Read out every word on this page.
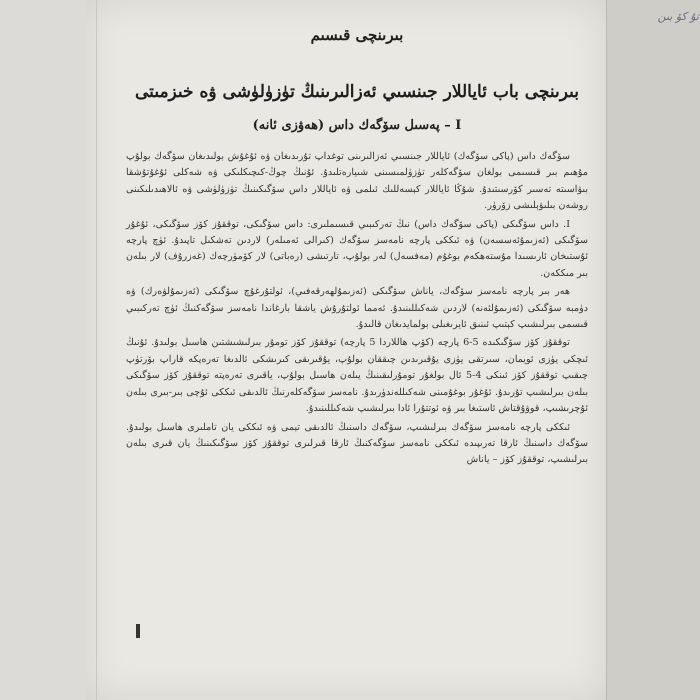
تۇ كۆ بىن
بىرىنچى قىسىم
بىرىنچى باب ئاياللار جىنسىي ئەزالىرىنىڭ تۈزۈلۈشى ۋە خىزمىتى
I – پەسىل سۆگەك داس (ھەۋزى ئانە)

سۆگەك داس (پاكى سۆگەك) ئاياللار جىنسىي ئەزالىرىنى توغداپ تۇرىدىغان ۋە ئۇغۇش بولىدىغان سۆگەك بولۇپ مۇھىم بىر قىسىمى بولغان سۆگەكلەر تۈزۈلمىسىنى شىيارەتلىدۇ. ئۇنىڭ چوڭ-كىچىكلىكى ۋە شەكلى ئۇغۇتۇشقا بىۋاسىتە تەسىر كۆرسىتىدۇ. شۇڭا ئاياللار كېسەللىك ئىلمى ۋە ئاياللار داس سۆگىكىنىڭ تۈزۈلۈشى ۋە ئالاھىدىلىكىنى روشەن بىلىۋېلىشى زۆرۈر.

I. داس سۆگىكى (پاكى سۆگەك داس) نىڭ تەركىبىي قىسىملىرى: داس سۆگىكى، توققۇز كۆز سۆگىكى، ئۇغۇر سۆگىكى (ئەزىمۇئەسسەن) ۋە ئىككى پارچە نامەسز سۆگەك (كىرالى ئەمىلەر) لاردىن تەشكىل تاپىدۇ. ئۈچ پارچە ئۇستىخان ئارىسىدا مۇستەھكەم بوغۇم (مەفسەل) لەر بولۇپ، تارتىشى (رەباتى) لار كۆمۈرچەك (غەزرۇف) لار بىلەن بىر مىككەن.

ھەر بىر پارچە نامەسز سۆگەك، ياناش سۆگىكى (ئەزىمۇلھەرقەفىي)، ئولتۇرغۇچ سۆگىكى (ئەزىمۇلۋەرك) ۋە دۈمبە سۆگىكى (ئەزىمۇلئەنە) لاردىن شەكىللىنىدۇ. ئەمما ئولتۇرۇش ياشقا بارغاندا نامەسز سۆگەكنىڭ ئۈچ تەركىبىي قىسمى بىرلىشىپ كېتىپ ئىنىق ئايرىغىلى بولمايدىغان قالىدۇ.

توققۇز كۆز سۆگىكىدە 5-6 پارچە (كۆپ ھاللاردا 5 پارچە) توققۇز كۆز تومۇر بىرلىشىشتىن ھاسىل بولىدۇ. ئۇنىڭ ئىچكى يۈزى ئويمان، سىرتقى يۈزى يۇقىرىدىن چىققان بولۇپ، يۇقىرىقى كىرىشكى ئالدىغا تەرەپكە قاراپ بۆرتۈپ چىقىپ توققۇز كۆز ئىنكى 4-5 ئال بولغۇر تومۇرلىقىنىڭ يىلەن ھاسىل بولۇپ، ياقىرى تەرەپتە توققۇز كۆز سۆگىكى بىلەن بىرلىشىپ تۇرىدۇ. ئۇغۇر بوغۇمىنى شەكىللەندۈرىدۇ. نامەسز سۆگەكلەرنىڭ ئالدىقى ئىككى ئۇچى بىر-بىرى بىلەن ئۇچرىشىپ، قوۋۇقتاش ئاستىغا بىر ۋە ئوتتۇرا ئادا بىرلىشىپ شەكىللىنىدۇ.

ئىككى پارچە نامەسز سۆگەك بىرلىشىپ، سۆگەك داسنىڭ ئالدىقى تېمى ۋە ئىككى يان تاملىرى ھاسىل بولىدۇ. سۆگەك داسنىڭ ئارقا تەرىپىدە ئىككى نامەسز سۆگەكنىڭ ئارقا قىرلىرى توققۇز كۆز سۆگىكىنىڭ يان قىرى بىلەن بىرلىشىپ، توققۇز كۆز – ياناش
